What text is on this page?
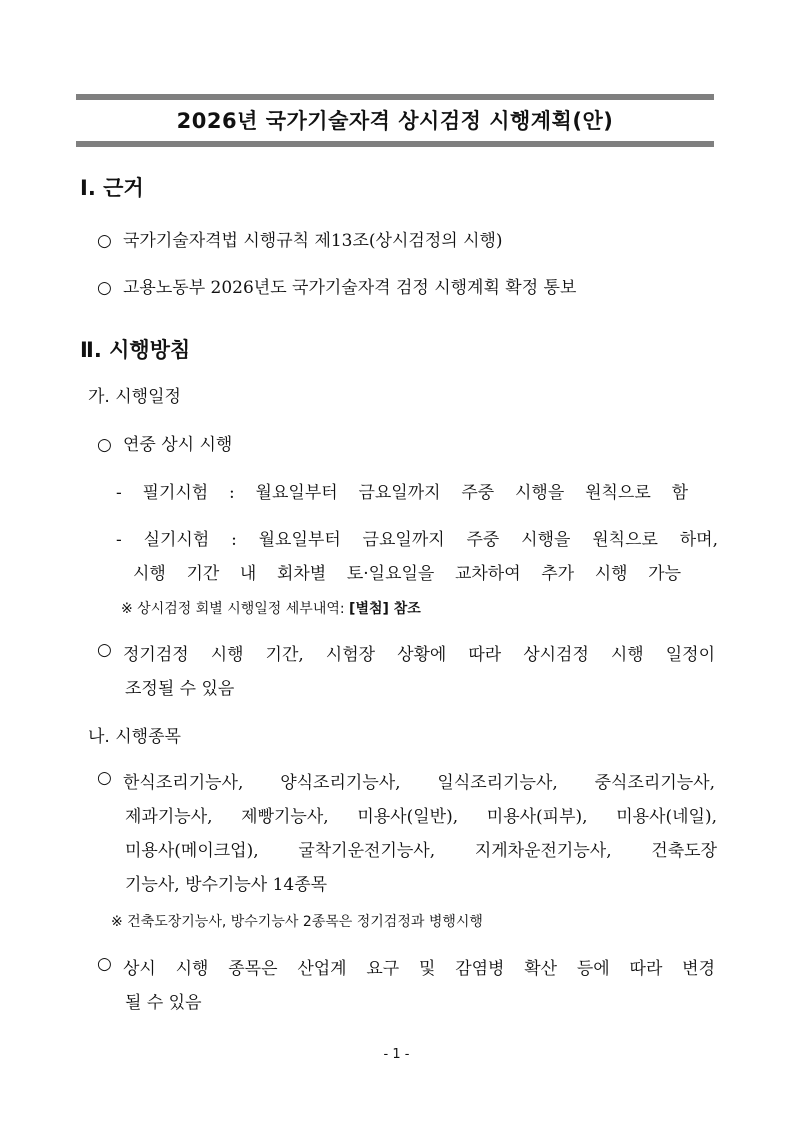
2026년 국가기술자격 상시검정 시행계획(안)
Ⅰ. 근거
○ 국가기술자격법 시행규칙 제13조(상시검정의 시행)
○ 고용노동부 2026년도 국가기술자격 검정 시행계획 확정 통보
Ⅱ. 시행방침
가. 시행일정
○ 연중 상시 시행
- 필기시험 : 월요일부터 금요일까지 주중 시행을 원칙으로 함
- 실기시험 : 월요일부터 금요일까지 주중 시행을 원칙으로 하며,
시행 기간 내 회차별 토·일요일을 교차하여 추가 시행 가능
※ 상시검정 회별 시행일정 세부내역: [별첨] 참조
○ 정기검정 시행 기간, 시험장 상황에 따라 상시검정 시행 일정이
조정될 수 있음
나. 시행종목
○ 한식조리기능사, 양식조리기능사, 일식조리기능사, 중식조리기능사,
제과기능사, 제빵기능사, 미용사(일반), 미용사(피부), 미용사(네일),
미용사(메이크업), 굴착기운전기능사, 지게차운전기능사, 건축도장
기능사, 방수기능사 14종목
※ 건축도장기능사, 방수기능사 2종목은 정기검정과 병행시행
○ 상시 시행 종목은 산업계 요구 및 감염병 확산 등에 따라 변경
될 수 있음
- 1 -
